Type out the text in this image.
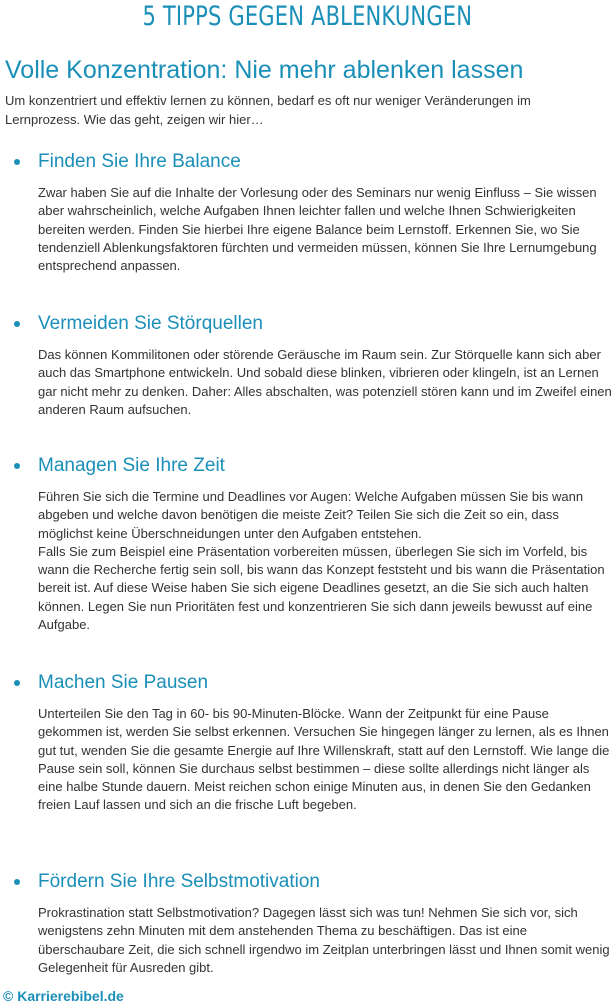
5 TIPPS GEGEN ABLENKUNGEN
Volle Konzentration: Nie mehr ablenken lassen
Um konzentriert und effektiv lernen zu können, bedarf es oft nur weniger Veränderungen im Lernprozess. Wie das geht, zeigen wir hier…
Finden Sie Ihre Balance

Zwar haben Sie auf die Inhalte der Vorlesung oder des Seminars nur wenig Einfluss – Sie wissen aber wahrscheinlich, welche Aufgaben Ihnen leichter fallen und welche Ihnen Schwierigkeiten bereiten werden. Finden Sie hierbei Ihre eigene Balance beim Lernstoff. Erkennen Sie, wo Sie tendenziell Ablenkungsfaktoren fürchten und vermeiden müssen, können Sie Ihre Lernumgebung entsprechend anpassen.

Vermeiden Sie Störquellen

Das können Kommilitonen oder störende Geräusche im Raum sein. Zur Störquelle kann sich aber auch das Smartphone entwickeln. Und sobald diese blinken, vibrieren oder klingeln, ist an Lernen gar nicht mehr zu denken. Daher: Alles abschalten, was potenziell stören kann und im Zweifel einen anderen Raum aufsuchen.

Managen Sie Ihre Zeit

Führen Sie sich die Termine und Deadlines vor Augen: Welche Aufgaben müssen Sie bis wann abgeben und welche davon benötigen die meiste Zeit? Teilen Sie sich die Zeit so ein, dass möglichst keine Überschneidungen unter den Aufgaben entstehen.

Falls Sie zum Beispiel eine Präsentation vorbereiten müssen, überlegen Sie sich im Vorfeld, bis wann die Recherche fertig sein soll, bis wann das Konzept feststeht und bis wann die Präsentation bereit ist. Auf diese Weise haben Sie sich eigene Deadlines gesetzt, an die Sie sich auch halten können. Legen Sie nun Prioritäten fest und konzentrieren Sie sich dann jeweils bewusst auf eine Aufgabe.

Machen Sie Pausen

Unterteilen Sie den Tag in 60- bis 90-Minuten-Blöcke. Wann der Zeitpunkt für eine Pause gekommen ist, werden Sie selbst erkennen. Versuchen Sie hingegen länger zu lernen, als es Ihnen gut tut, wenden Sie die gesamte Energie auf Ihre Willenskraft, statt auf den Lernstoff. Wie lange die Pause sein soll, können Sie durchaus selbst bestimmen – diese sollte allerdings nicht länger als eine halbe Stunde dauern. Meist reichen schon einige Minuten aus, in denen Sie den Gedanken freien Lauf lassen und sich an die frische Luft begeben.

Fördern Sie Ihre Selbstmotivation

Prokrastination statt Selbstmotivation? Dagegen lässt sich was tun! Nehmen Sie sich vor, sich wenigstens zehn Minuten mit dem anstehenden Thema zu beschäftigen. Das ist eine überschaubare Zeit, die sich schnell irgendwo im Zeitplan unterbringen lässt und Ihnen somit wenig Gelegenheit für Ausreden gibt.

© Karrierebibel.de
